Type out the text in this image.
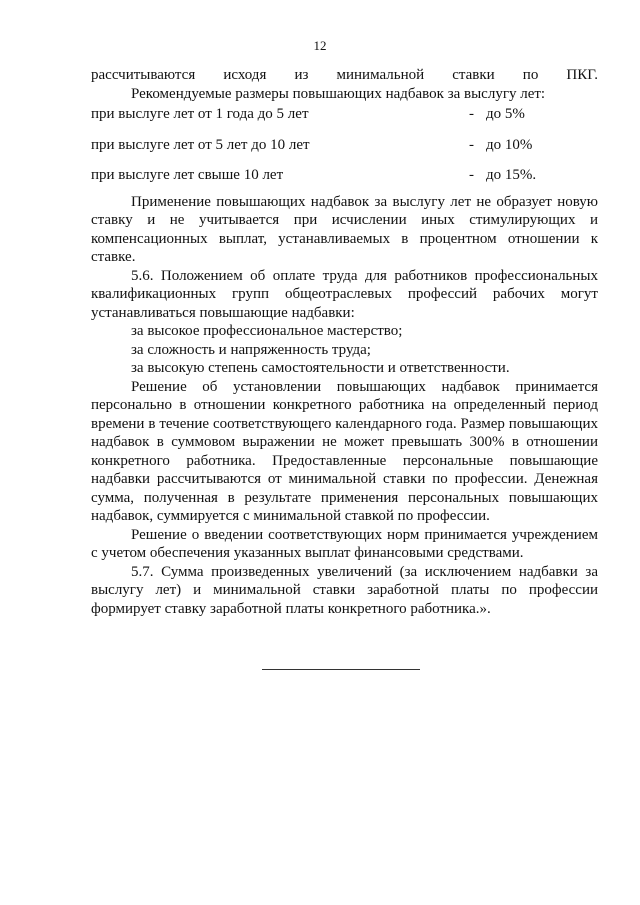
12

рассчитываются исходя из минимальной ставки по ПКГ.

Рекомендуемые размеры повышающих надбавок за выслугу лет:

при выслуге лет от 1 года до 5 лет	- до 5%
при выслуге лет от 5 лет до 10 лет	- до 10%
при выслуге лет свыше 10 лет	- до 15%.

Применение повышающих надбавок за выслугу лет не образует новую ставку и не учитывается при исчислении иных стимулирующих и компенсационных выплат, устанавливаемых в процентном отношении к ставке.

5.6. Положением об оплате труда для работников профессиональных квалификационных групп общеотраслевых профессий рабочих могут устанавливаться повышающие надбавки:

за высокое профессиональное мастерство;

за сложность и напряженность труда;

за высокую степень самостоятельности и ответственности.

Решение об установлении повышающих надбавок принимается персонально в отношении конкретного работника на определенный период времени в течение соответствующего календарного года. Размер повышающих надбавок в суммовом выражении не может превышать 300% в отношении конкретного работника. Предоставленные персональные повышающие надбавки рассчитываются от минимальной ставки по профессии. Денежная сумма, полученная в результате применения персональных повышающих надбавок, суммируется с минимальной ставкой по профессии.

Решение о введении соответствующих норм принимается учреждением с учетом обеспечения указанных выплат финансовыми средствами.

5.7. Сумма произведенных увеличений (за исключением надбавки за выслугу лет) и минимальной ставки заработной платы по профессии формирует ставку заработной платы конкретного работника.».
